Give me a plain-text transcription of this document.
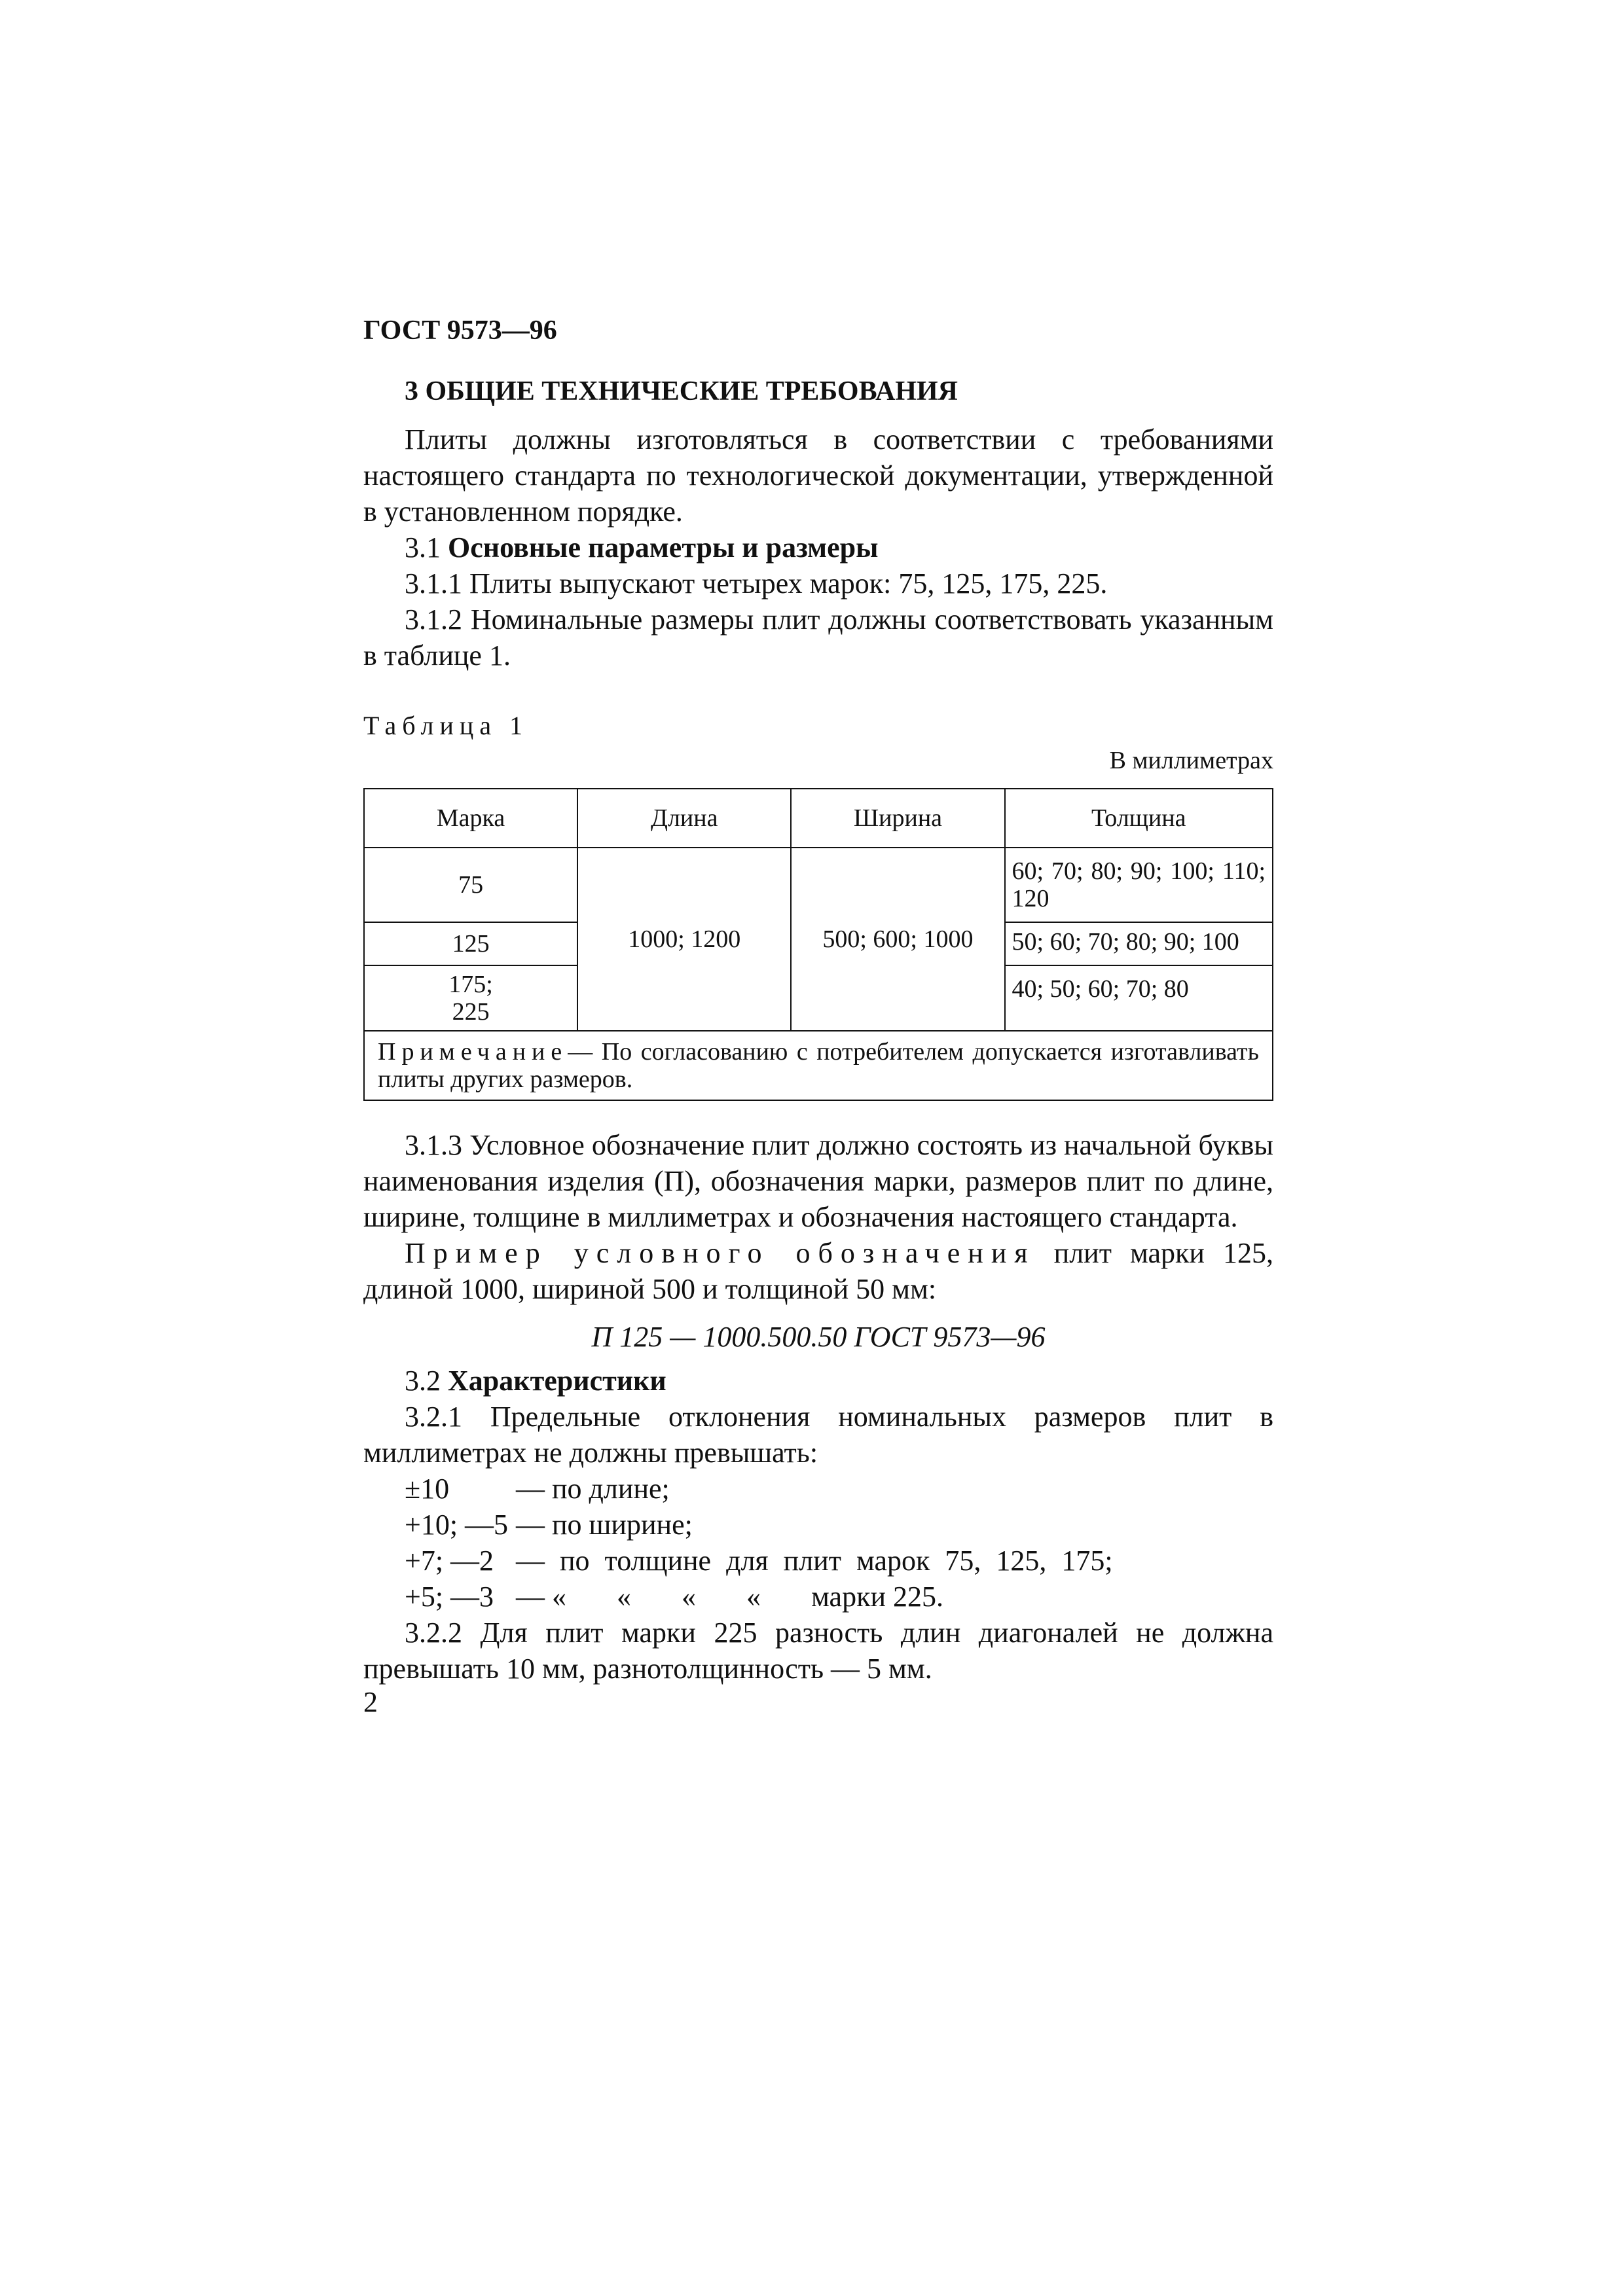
ГОСТ 9573—96
3 ОБЩИЕ ТЕХНИЧЕСКИЕ ТРЕБОВАНИЯ

Плиты должны изготовляться в соответствии с требованиями настоящего стандарта по технологической документации, утвержденной в установленном порядке.

3.1 Основные параметры и размеры

3.1.1 Плиты выпускают четырех марок: 75, 125, 175, 225.

3.1.2 Номинальные размеры плит должны соответствовать указанным в таблице 1.

Таблица 1
В миллиметрах
Марка	Длина	Ширина	Толщина
75	1000; 1200	500; 600; 1000	60; 70; 80; 90; 100; 110; 120
125			50; 60; 70; 80; 90; 100
175; 225			40; 50; 60; 70; 80
Примечание— По согласованию с потребителем допускается изготавливать плиты других размеров.			

3.1.3 Условное обозначение плит должно состоять из начальной буквы наименования изделия (П), обозначения марки, размеров плит по длине, ширине, толщине в миллиметрах и обозначения настоящего стандарта.

Пример условного обозначения плит марки 125, длиной 1000, шириной 500 и толщиной 50 мм:

П 125 — 1000.500.50 ГОСТ 9573—96

3.2 Характеристики

3.2.1 Предельные отклонения номинальных размеров плит в миллиметрах не должны превышать:

±10	— по длине;
+10; —5 — по ширине;
+7; —2 — по толщине для плит марок 75, 125, 175;
+5; —3 — «       «       «       «       марки 225.

3.2.2 Для плит марки 225 разность длин диагоналей не должна превышать 10 мм, разнотолщинность — 5 мм.

2
